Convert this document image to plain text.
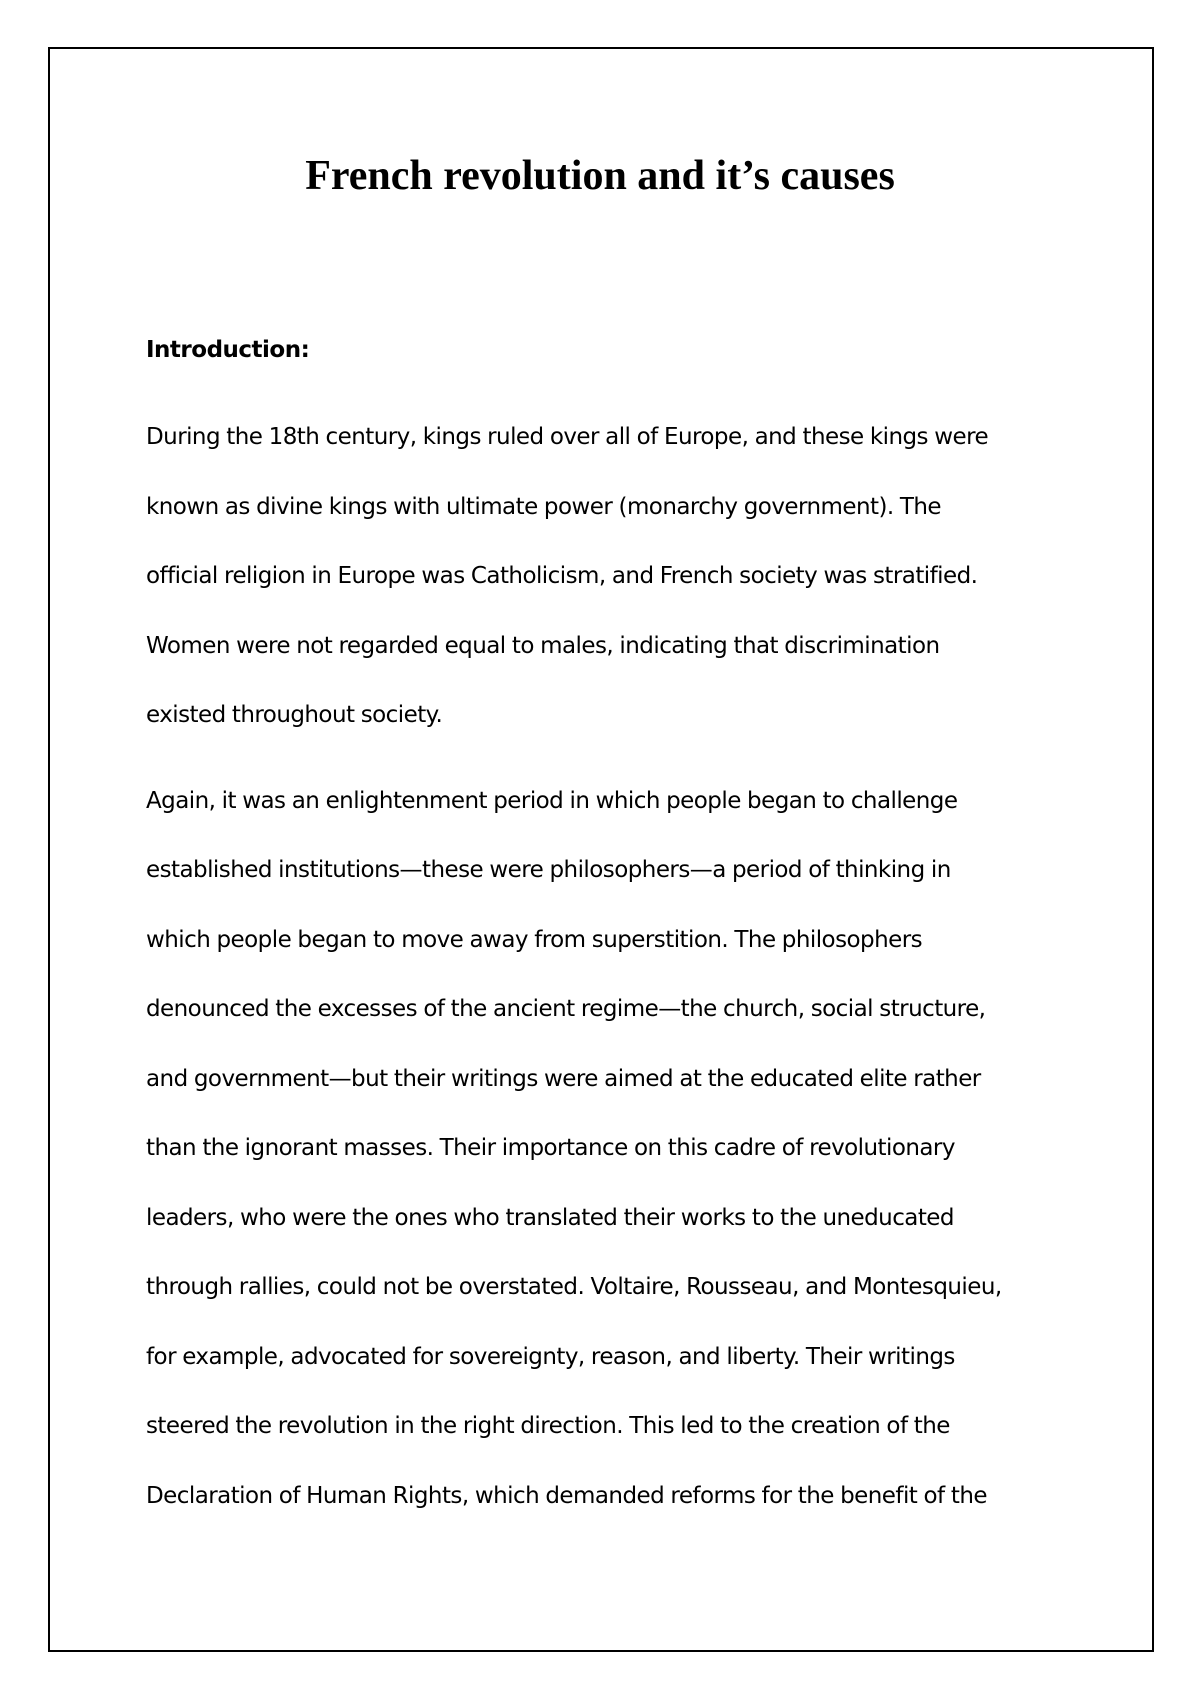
French revolution and it’s causes
Introduction:
During the 18th century, kings ruled over all of Europe, and these kings were
known as divine kings with ultimate power (monarchy government). The
official religion in Europe was Catholicism, and French society was stratified.
Women were not regarded equal to males, indicating that discrimination
existed throughout society.
Again, it was an enlightenment period in which people began to challenge
established institutions—these were philosophers—a period of thinking in
which people began to move away from superstition. The philosophers
denounced the excesses of the ancient regime—the church, social structure,
and government—but their writings were aimed at the educated elite rather
than the ignorant masses. Their importance on this cadre of revolutionary
leaders, who were the ones who translated their works to the uneducated
through rallies, could not be overstated. Voltaire, Rousseau, and Montesquieu,
for example, advocated for sovereignty, reason, and liberty. Their writings
steered the revolution in the right direction. This led to the creation of the
Declaration of Human Rights, which demanded reforms for the benefit of the
